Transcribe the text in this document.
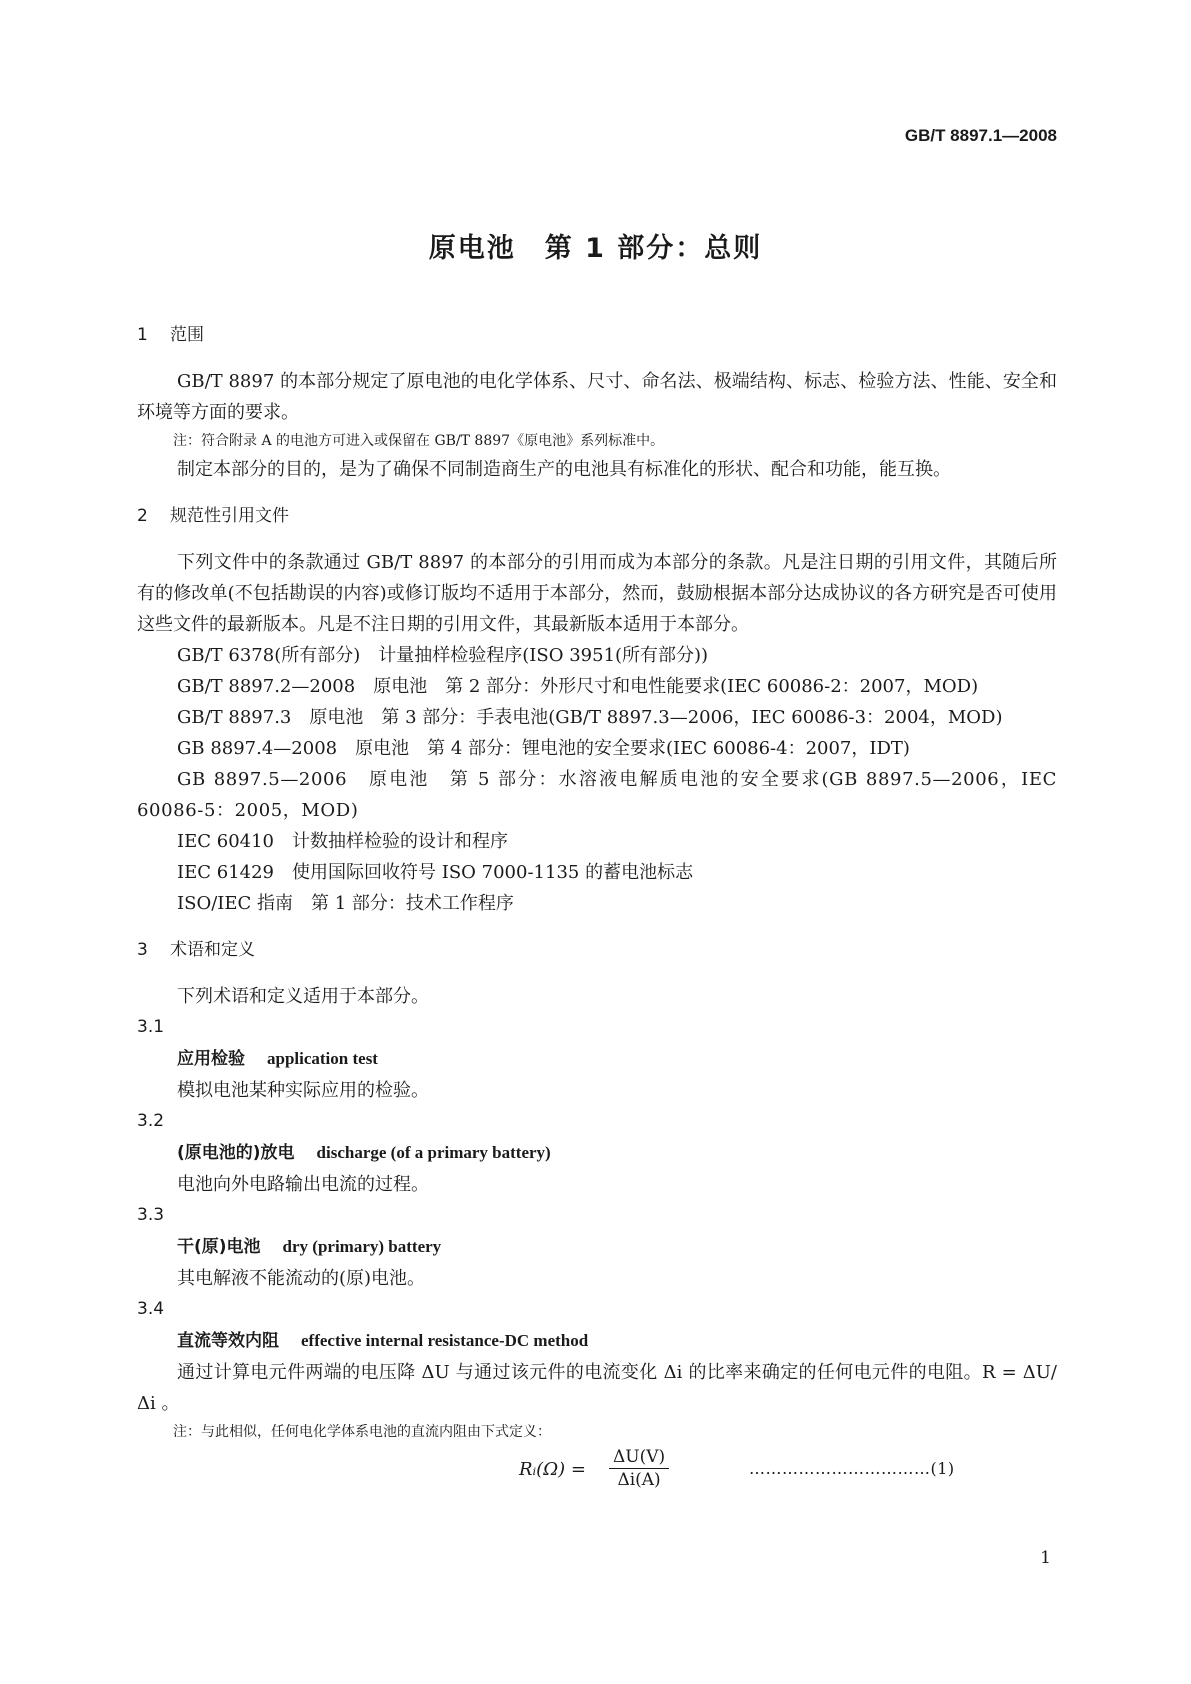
GB/T 8897.1—2008
原电池　第 1 部分：总则
1 范围

GB/T 8897 的本部分规定了原电池的电化学体系、尺寸、命名法、极端结构、标志、检验方法、性能、安全和环境等方面的要求。

注：符合附录 A 的电池方可进入或保留在 GB/T 8897《原电池》系列标准中。

制定本部分的目的，是为了确保不同制造商生产的电池具有标准化的形状、配合和功能，能互换。

2 规范性引用文件

下列文件中的条款通过 GB/T 8897 的本部分的引用而成为本部分的条款。凡是注日期的引用文件，其随后所有的修改单(不包括勘误的内容)或修订版均不适用于本部分，然而，鼓励根据本部分达成协议的各方研究是否可使用这些文件的最新版本。凡是不注日期的引用文件，其最新版本适用于本部分。

GB/T 6378(所有部分) 计量抽样检验程序(ISO 3951(所有部分))

GB/T 8897.2—2008 原电池　第 2 部分：外形尺寸和电性能要求(IEC 60086-2：2007，MOD)

GB/T 8897.3 原电池　第 3 部分：手表电池(GB/T 8897.3—2006，IEC 60086-3：2004，MOD)

GB 8897.4—2008 原电池　第 4 部分：锂电池的安全要求(IEC 60086-4：2007，IDT)

GB 8897.5—2006　 原电池　第 5 部分：水溶液电解质电池的安全要求(GB 8897.5—2006，IEC 60086-5：2005，MOD)

IEC 60410 计数抽样检验的设计和程序

IEC 61429 使用国际回收符号 ISO 7000-1135 的蓄电池标志

ISO/IEC 指南 第 1 部分：技术工作程序

3 术语和定义

下列术语和定义适用于本部分。

3.1

应用检验 application test

模拟电池某种实际应用的检验。

3.2

(原电池的)放电 discharge (of a primary battery)

电池向外电路输出电流的过程。

3.3

干(原)电池 dry (primary) battery

其电解液不能流动的(原)电池。

3.4

直流等效内阻 effective internal resistance-DC method

通过计算电元件两端的电压降 ΔU 与通过该元件的电流变化 Δi 的比率来确定的任何电元件的电阻。R = ΔU/Δi 。

注：与此相似，任何电化学体系电池的直流内阻由下式定义：

Rᵢ(Ω) = $\frac{\Delta U(V)}{\Delta i(A)}$	……………………………(1)
1
